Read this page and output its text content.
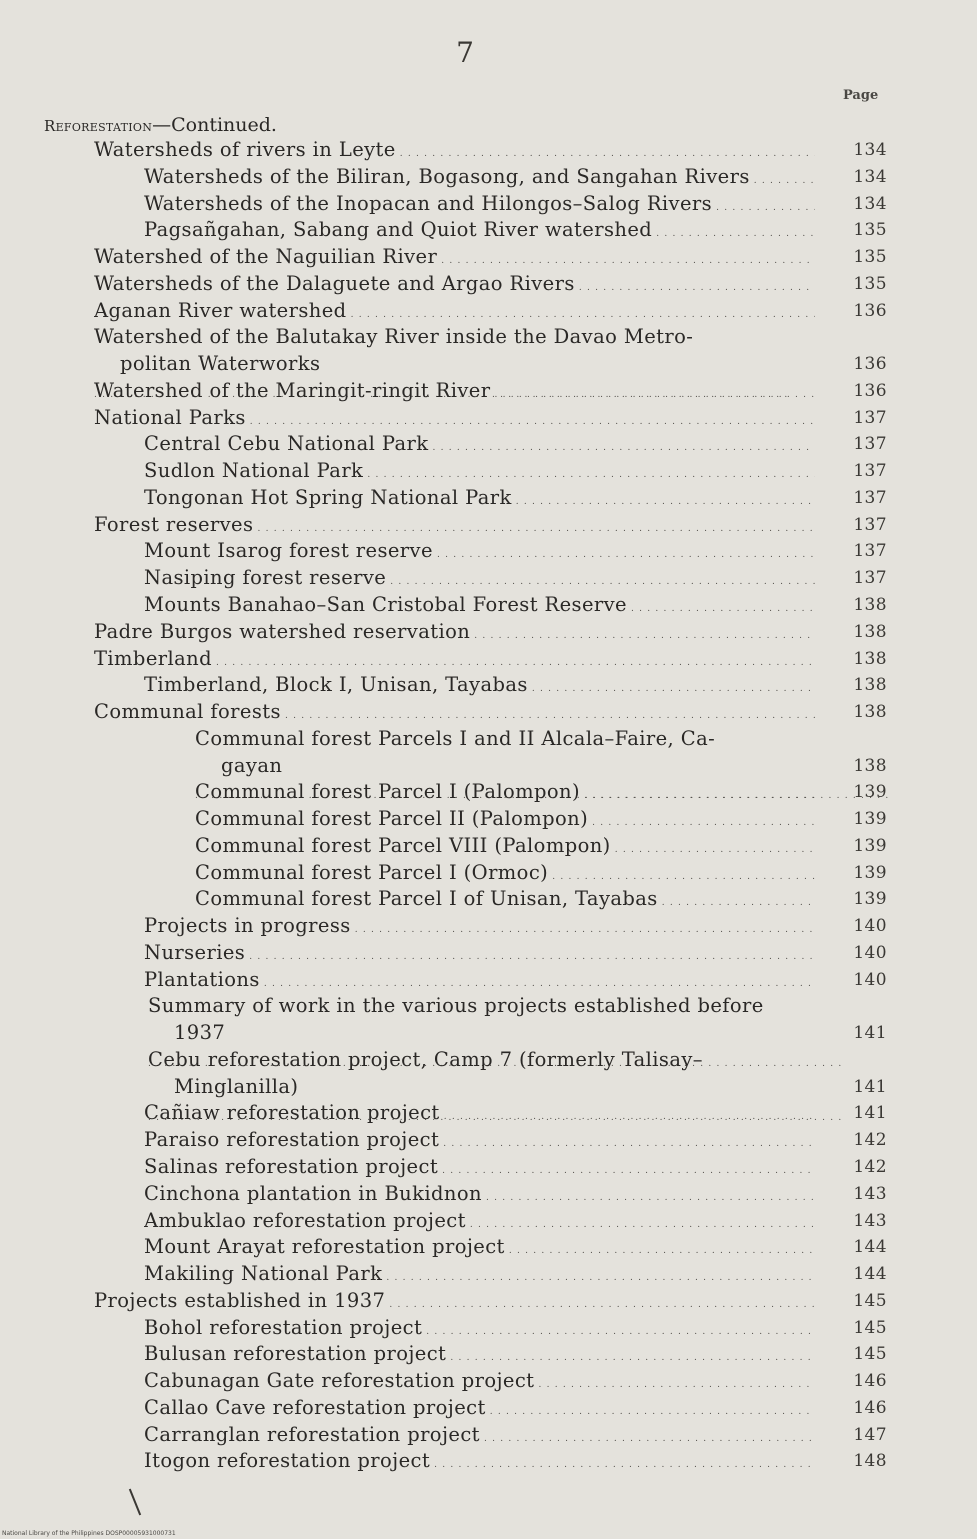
7
Page
Reforestation—Continued.
Watersheds of rivers in Leyte . . .	134
Watersheds of the Biliran, Bogasong, and Sangahan Rivers . . .	134
Watersheds of the Inopacan and Hilongos–Salog Rivers . . .	134
Pagsañgahan, Sabang and Quiot River watershed . . .	135
Watershed of the Naguilian River . . .	135
Watersheds of the Dalaguete and Argao Rivers . . .	135
Aganan River watershed . . .	136
Watershed of the Balutakay River inside the Davao Metro-
politan Waterworks . . .	136
Watershed of the Maringit-ringit River . . .	136
National Parks . . .	137
Central Cebu National Park . . .	137
Sudlon National Park . . .	137
Tongonan Hot Spring National Park . . .	137
Forest reserves . . .	137
Mount Isarog forest reserve . . .	137
Nasiping forest reserve . . .	137
Mounts Banahao–San Cristobal Forest Reserve . . .	138
Padre Burgos watershed reservation . . .	138
Timberland . . .	138
Timberland, Block I, Unisan, Tayabas . . .	138
Communal forests . . .	138
Communal forest Parcels I and II Alcala–Faire, Ca-
gayan . . .	138
Communal forest Parcel I (Palompon) . . .	139
Communal forest Parcel II (Palompon) . . .	139
Communal forest Parcel VIII (Palompon) . . .	139
Communal forest Parcel I (Ormoc) . . .	139
Communal forest Parcel I of Unisan, Tayabas . . .	139
Projects in progress . . .	140
Nurseries . . .	140
Plantations . . .	140
Summary of work in the various projects established before
1937 . . .	141
Cebu reforestation project, Camp 7 (formerly Talisay–
Minglanilla) . . .	141
Cañiaw reforestation project . . .	141
Paraiso reforestation project . . .	142
Salinas reforestation project . . .	142
Cinchona plantation in Bukidnon . . .	143
Ambuklao reforestation project . . .	143
Mount Arayat reforestation project . . .	144
Makiling National Park . . .	144
Projects established in 1937 . . .	145
Bohol reforestation project . . .	145
Bulusan reforestation project . . .	145
Cabunagan Gate reforestation project . . .	146
Callao Cave reforestation project . . .	146
Carranglan reforestation project . . .	147
Itogon reforestation project . . .	148
National Library of the Philippines DOSP00005931000731
